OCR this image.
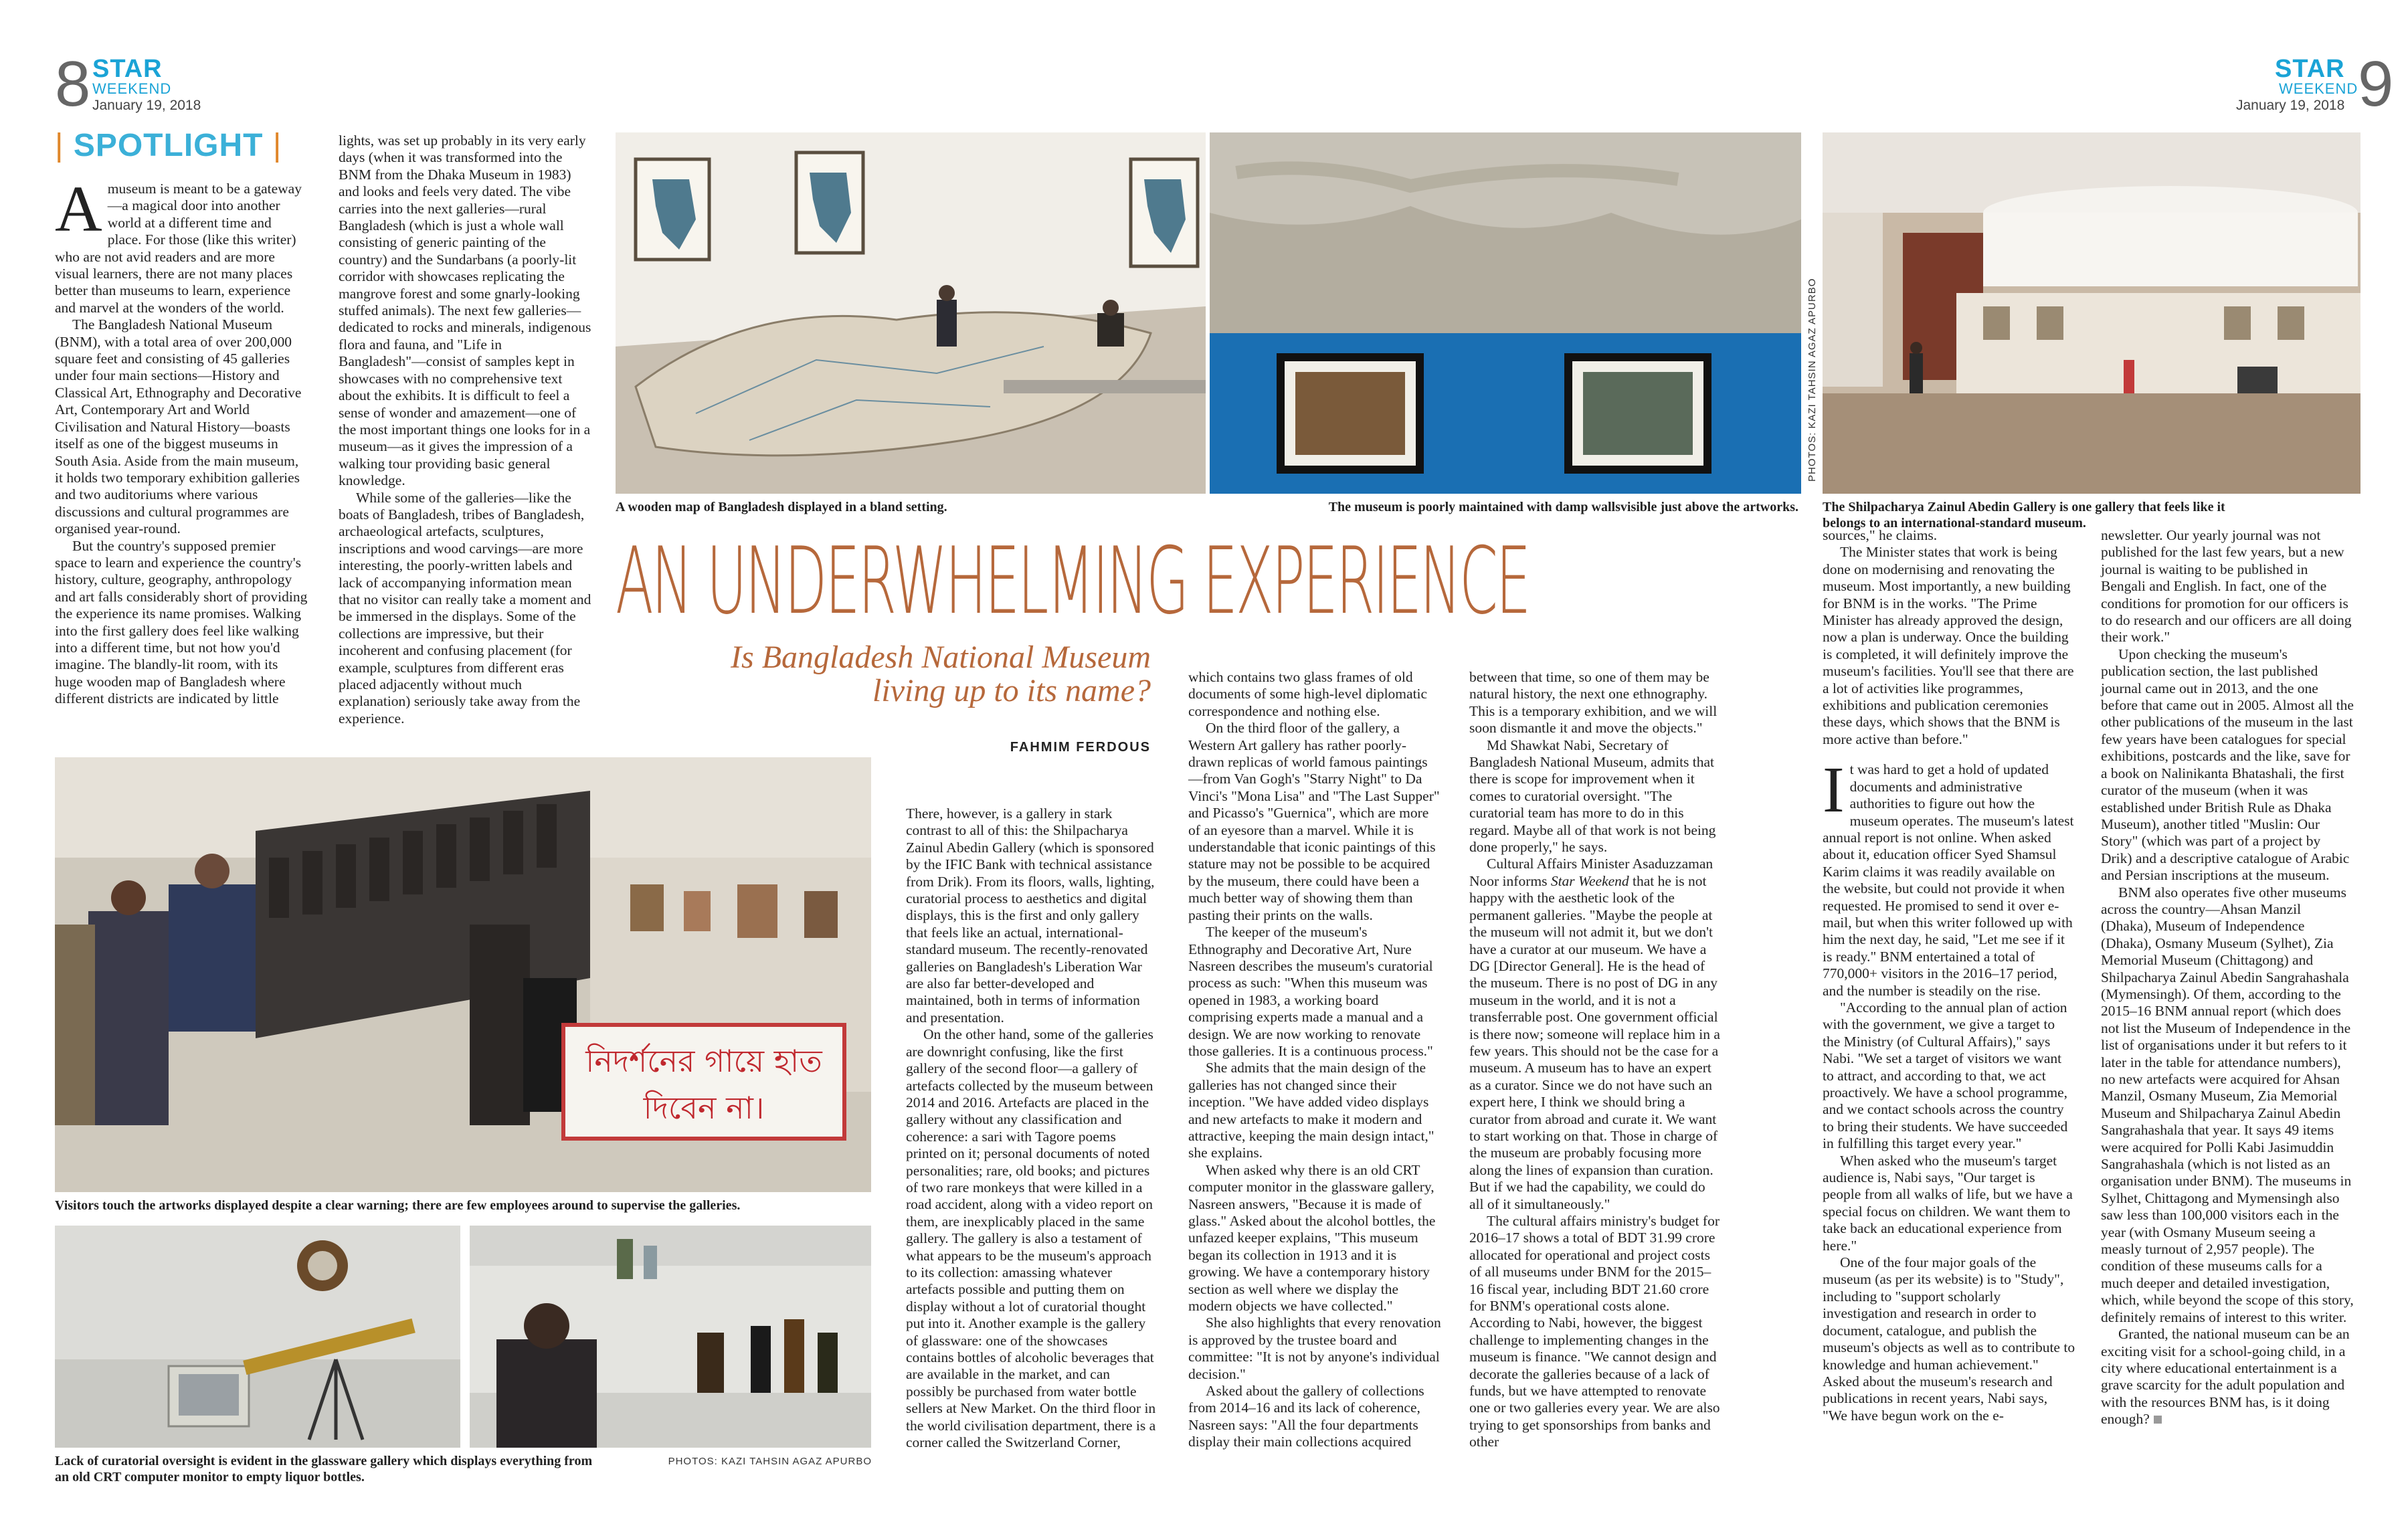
8 STAR
WEEKEND
January 19, 2018
STAR
WEEKEND
January 19, 2018 9
| SPOTLIGHT |

Amuseum is meant to be a gateway—a magical door into another world at a different time and place. For those (like this writer) who are not avid readers and are more visual learners, there are not many places better than museums to learn, experience and marvel at the wonders of the world.

The Bangladesh National Museum (BNM), with a total area of over 200,000 square feet and consisting of 45 galleries under four main sections—History and Classical Art, Ethnography and Decorative Art, Contemporary Art and World Civilisation and Natural History—boasts itself as one of the biggest museums in South Asia. Aside from the main museum, it holds two temporary exhibition galleries and two auditoriums where various discussions and cultural programmes are organised year-round.

But the country's supposed premier space to learn and experience the country's history, culture, geography, anthropology and art falls considerably short of providing the experience its name promises. Walking into the first gallery does feel like walking into a different time, but not how you'd imagine. The blandly-lit room, with its huge wooden map of Bangladesh where different districts are indicated by little

lights, was set up probably in its very early days (when it was transformed into the BNM from the Dhaka Museum in 1983) and looks and feels very dated. The vibe carries into the next galleries—rural Bangladesh (which is just a whole wall consisting of generic painting of the country) and the Sundarbans (a poorly-lit corridor with showcases replicating the mangrove forest and some gnarly-looking stuffed animals). The next few galleries—dedicated to rocks and minerals, indigenous flora and fauna, and "Life in Bangladesh"—consist of samples kept in showcases with no comprehensive text about the exhibits. It is difficult to feel a sense of wonder and amazement—one of the most important things one looks for in a museum—as it gives the impression of a walking tour providing basic general knowledge.

While some of the galleries—like the boats of Bangladesh, tribes of Bangladesh, archaeological artefacts, sculptures, inscriptions and wood carvings—are more interesting, the poorly-written labels and lack of accompanying information mean that no visitor can really take a moment and be immersed in the displays. Some of the collections are impressive, but their incoherent and confusing placement (for example, sculptures from different eras placed adjacently without much explanation) seriously take away from the experience.

A wooden map of Bangladesh displayed in a bland setting.	The museum is poorly maintained with damp wallsvisible just above the artworks.
PHOTOS: KAZI TAHSIN AGAZ APURBO
The Shilpacharya Zainul Abedin Gallery is one gallery that feels like it belongs to an international-standard museum.
AN UNDERWHELMING EXPERIENCE
Is Bangladesh National Museum
living up to its name?
FAHMIM FERDOUS
নিদর্শনের গায়ে হাত
দিবেন না।
Visitors touch the artworks displayed despite a clear warning; there are few employees around to supervise the galleries.
Lack of curatorial oversight is evident in the glassware gallery which displays everything from an old CRT computer monitor to empty liquor bottles.
PHOTOS: KAZI TAHSIN AGAZ APURBO

There, however, is a gallery in stark contrast to all of this: the Shilpacharya Zainul Abedin Gallery (which is sponsored by the IFIC Bank with technical assistance from Drik). From its floors, walls, lighting, curatorial process to aesthetics and digital displays, this is the first and only gallery that feels like an actual, international-standard museum. The recently-renovated galleries on Bangladesh's Liberation War are also far better-developed and maintained, both in terms of information and presentation.

On the other hand, some of the galleries are downright confusing, like the first gallery of the second floor—a gallery of artefacts collected by the museum between 2014 and 2016. Artefacts are placed in the gallery without any classification and coherence: a sari with Tagore poems printed on it; personal documents of noted personalities; rare, old books; and pictures of two rare monkeys that were killed in a road accident, along with a video report on them, are inexplicably placed in the same gallery. The gallery is also a testament of what appears to be the museum's approach to its collection: amassing whatever artefacts possible and putting them on display without a lot of curatorial thought put into it. Another example is the gallery of glassware: one of the showcases contains bottles of alcoholic beverages that are available in the market, and can possibly be purchased from water bottle sellers at New Market. On the third floor in the world civilisation department, there is a corner called the Switzerland Corner,

which contains two glass frames of old documents of some high-level diplomatic correspondence and nothing else.

On the third floor of the gallery, a Western Art gallery has rather poorly-drawn replicas of world famous paintings—from Van Gogh's "Starry Night" to Da Vinci's "Mona Lisa" and "The Last Supper" and Picasso's "Guernica", which are more of an eyesore than a marvel. While it is understandable that iconic paintings of this stature may not be possible to be acquired by the museum, there could have been a much better way of showing them than pasting their prints on the walls.

The keeper of the museum's Ethnography and Decorative Art, Nure Nasreen describes the museum's curatorial process as such: "When this museum was opened in 1983, a working board comprising experts made a manual and a design. We are now working to renovate those galleries. It is a continuous process."

She admits that the main design of the galleries has not changed since their inception. "We have added video displays and new artefacts to make it modern and attractive, keeping the main design intact," she explains.

When asked why there is an old CRT computer monitor in the glassware gallery, Nasreen answers, "Because it is made of glass." Asked about the alcohol bottles, the unfazed keeper explains, "This museum began its collection in 1913 and it is growing. We have a contemporary history section as well where we display the modern objects we have collected."

She also highlights that every renovation is approved by the trustee board and committee: "It is not by anyone's individual decision."

Asked about the gallery of collections from 2014–16 and its lack of coherence, Nasreen says: "All the four departments display their main collections acquired

between that time, so one of them may be natural history, the next one ethnography. This is a temporary exhibition, and we will soon dismantle it and move the objects."

Md Shawkat Nabi, Secretary of Bangladesh National Museum, admits that there is scope for improvement when it comes to curatorial oversight. "The curatorial team has more to do in this regard. Maybe all of that work is not being done properly," he says.

Cultural Affairs Minister Asaduzzaman Noor informs Star Weekend that he is not happy with the aesthetic look of the permanent galleries. "Maybe the people at the museum will not admit it, but we don't have a curator at our museum. We have a DG [Director General]. He is the head of the museum. There is no post of DG in any museum in the world, and it is not a transferrable post. One government official is there now; someone will replace him in a few years. This should not be the case for a museum. A museum has to have an expert as a curator. Since we do not have such an expert here, I think we should bring a curator from abroad and curate it. We want to start working on that. Those in charge of the museum are probably focusing more along the lines of expansion than curation. But if we had the capability, we could do all of it simultaneously."

The cultural affairs ministry's budget for 2016–17 shows a total of BDT 31.99 crore allocated for operational and project costs of all museums under BNM for the 2015–16 fiscal year, including BDT 21.60 crore for BNM's operational costs alone. According to Nabi, however, the biggest challenge to implementing changes in the museum is finance. "We cannot design and decorate the galleries because of a lack of funds, but we have attempted to renovate one or two galleries every year. We are also trying to get sponsorships from banks and other

sources," he claims.

The Minister states that work is being done on modernising and renovating the museum. Most importantly, a new building for BNM is in the works. "The Prime Minister has already approved the design, now a plan is underway. Once the building is completed, it will definitely improve the museum's facilities. You'll see that there are a lot of activities like programmes, exhibitions and publication ceremonies these days, which shows that the BNM is more active than before."

It was hard to get a hold of updated documents and administrative authorities to figure out how the museum operates. The museum's latest annual report is not online. When asked about it, education officer Syed Shamsul Karim claims it was readily available on the website, but could not provide it when requested. He promised to send it over e-mail, but when this writer followed up with him the next day, he said, "Let me see if it is ready." BNM entertained a total of 770,000+ visitors in the 2016–17 period, and the number is steadily on the rise.

"According to the annual plan of action with the government, we give a target to the Ministry (of Cultural Affairs)," says Nabi. "We set a target of visitors we want to attract, and according to that, we act proactively. We have a school programme, and we contact schools across the country to bring their students. We have succeeded in fulfilling this target every year."

When asked who the museum's target audience is, Nabi says, "Our target is people from all walks of life, but we have a special focus on children. We want them to take back an educational experience from here."

One of the four major goals of the museum (as per its website) is to "Study", including to "support scholarly investigation and research in order to document, catalogue, and publish the museum's objects as well as to contribute to knowledge and human achievement." Asked about the museum's research and publications in recent years, Nabi says, "We have begun work on the e-

newsletter. Our yearly journal was not published for the last few years, but a new journal is waiting to be published in Bengali and English. In fact, one of the conditions for promotion for our officers is to do research and our officers are all doing their work."

Upon checking the museum's publication section, the last published journal came out in 2013, and the one before that came out in 2005. Almost all the other publications of the museum in the last few years have been catalogues for special exhibitions, postcards and the like, save for a book on Nalinikanta Bhatashali, the first curator of the museum (when it was established under British Rule as Dhaka Museum), another titled "Muslin: Our Story" (which was part of a project by Drik) and a descriptive catalogue of Arabic and Persian inscriptions at the museum.

BNM also operates five other museums across the country—Ahsan Manzil (Dhaka), Museum of Independence (Dhaka), Osmany Museum (Sylhet), Zia Memorial Museum (Chittagong) and Shilpacharya Zainul Abedin Sangrahashala (Mymensingh). Of them, according to the 2015–16 BNM annual report (which does not list the Museum of Independence in the list of organisations under it but refers to it later in the table for attendance numbers), no new artefacts were acquired for Ahsan Manzil, Osmany Museum, Zia Memorial Museum and Shilpacharya Zainul Abedin Sangrahashala that year. It says 49 items were acquired for Polli Kabi Jasimuddin Sangrahashala (which is not listed as an organisation under BNM). The museums in Sylhet, Chittagong and Mymensingh also saw less than 100,000 visitors each in the year (with Osmany Museum seeing a measly turnout of 2,957 people). The condition of these museums calls for a much deeper and detailed investigation, which, while beyond the scope of this story, definitely remains of interest to this writer.

Granted, the national museum can be an exciting visit for a school-going child, in a city where educational entertainment is a grave scarcity for the adult population and with the resources BNM has, is it doing enough?
